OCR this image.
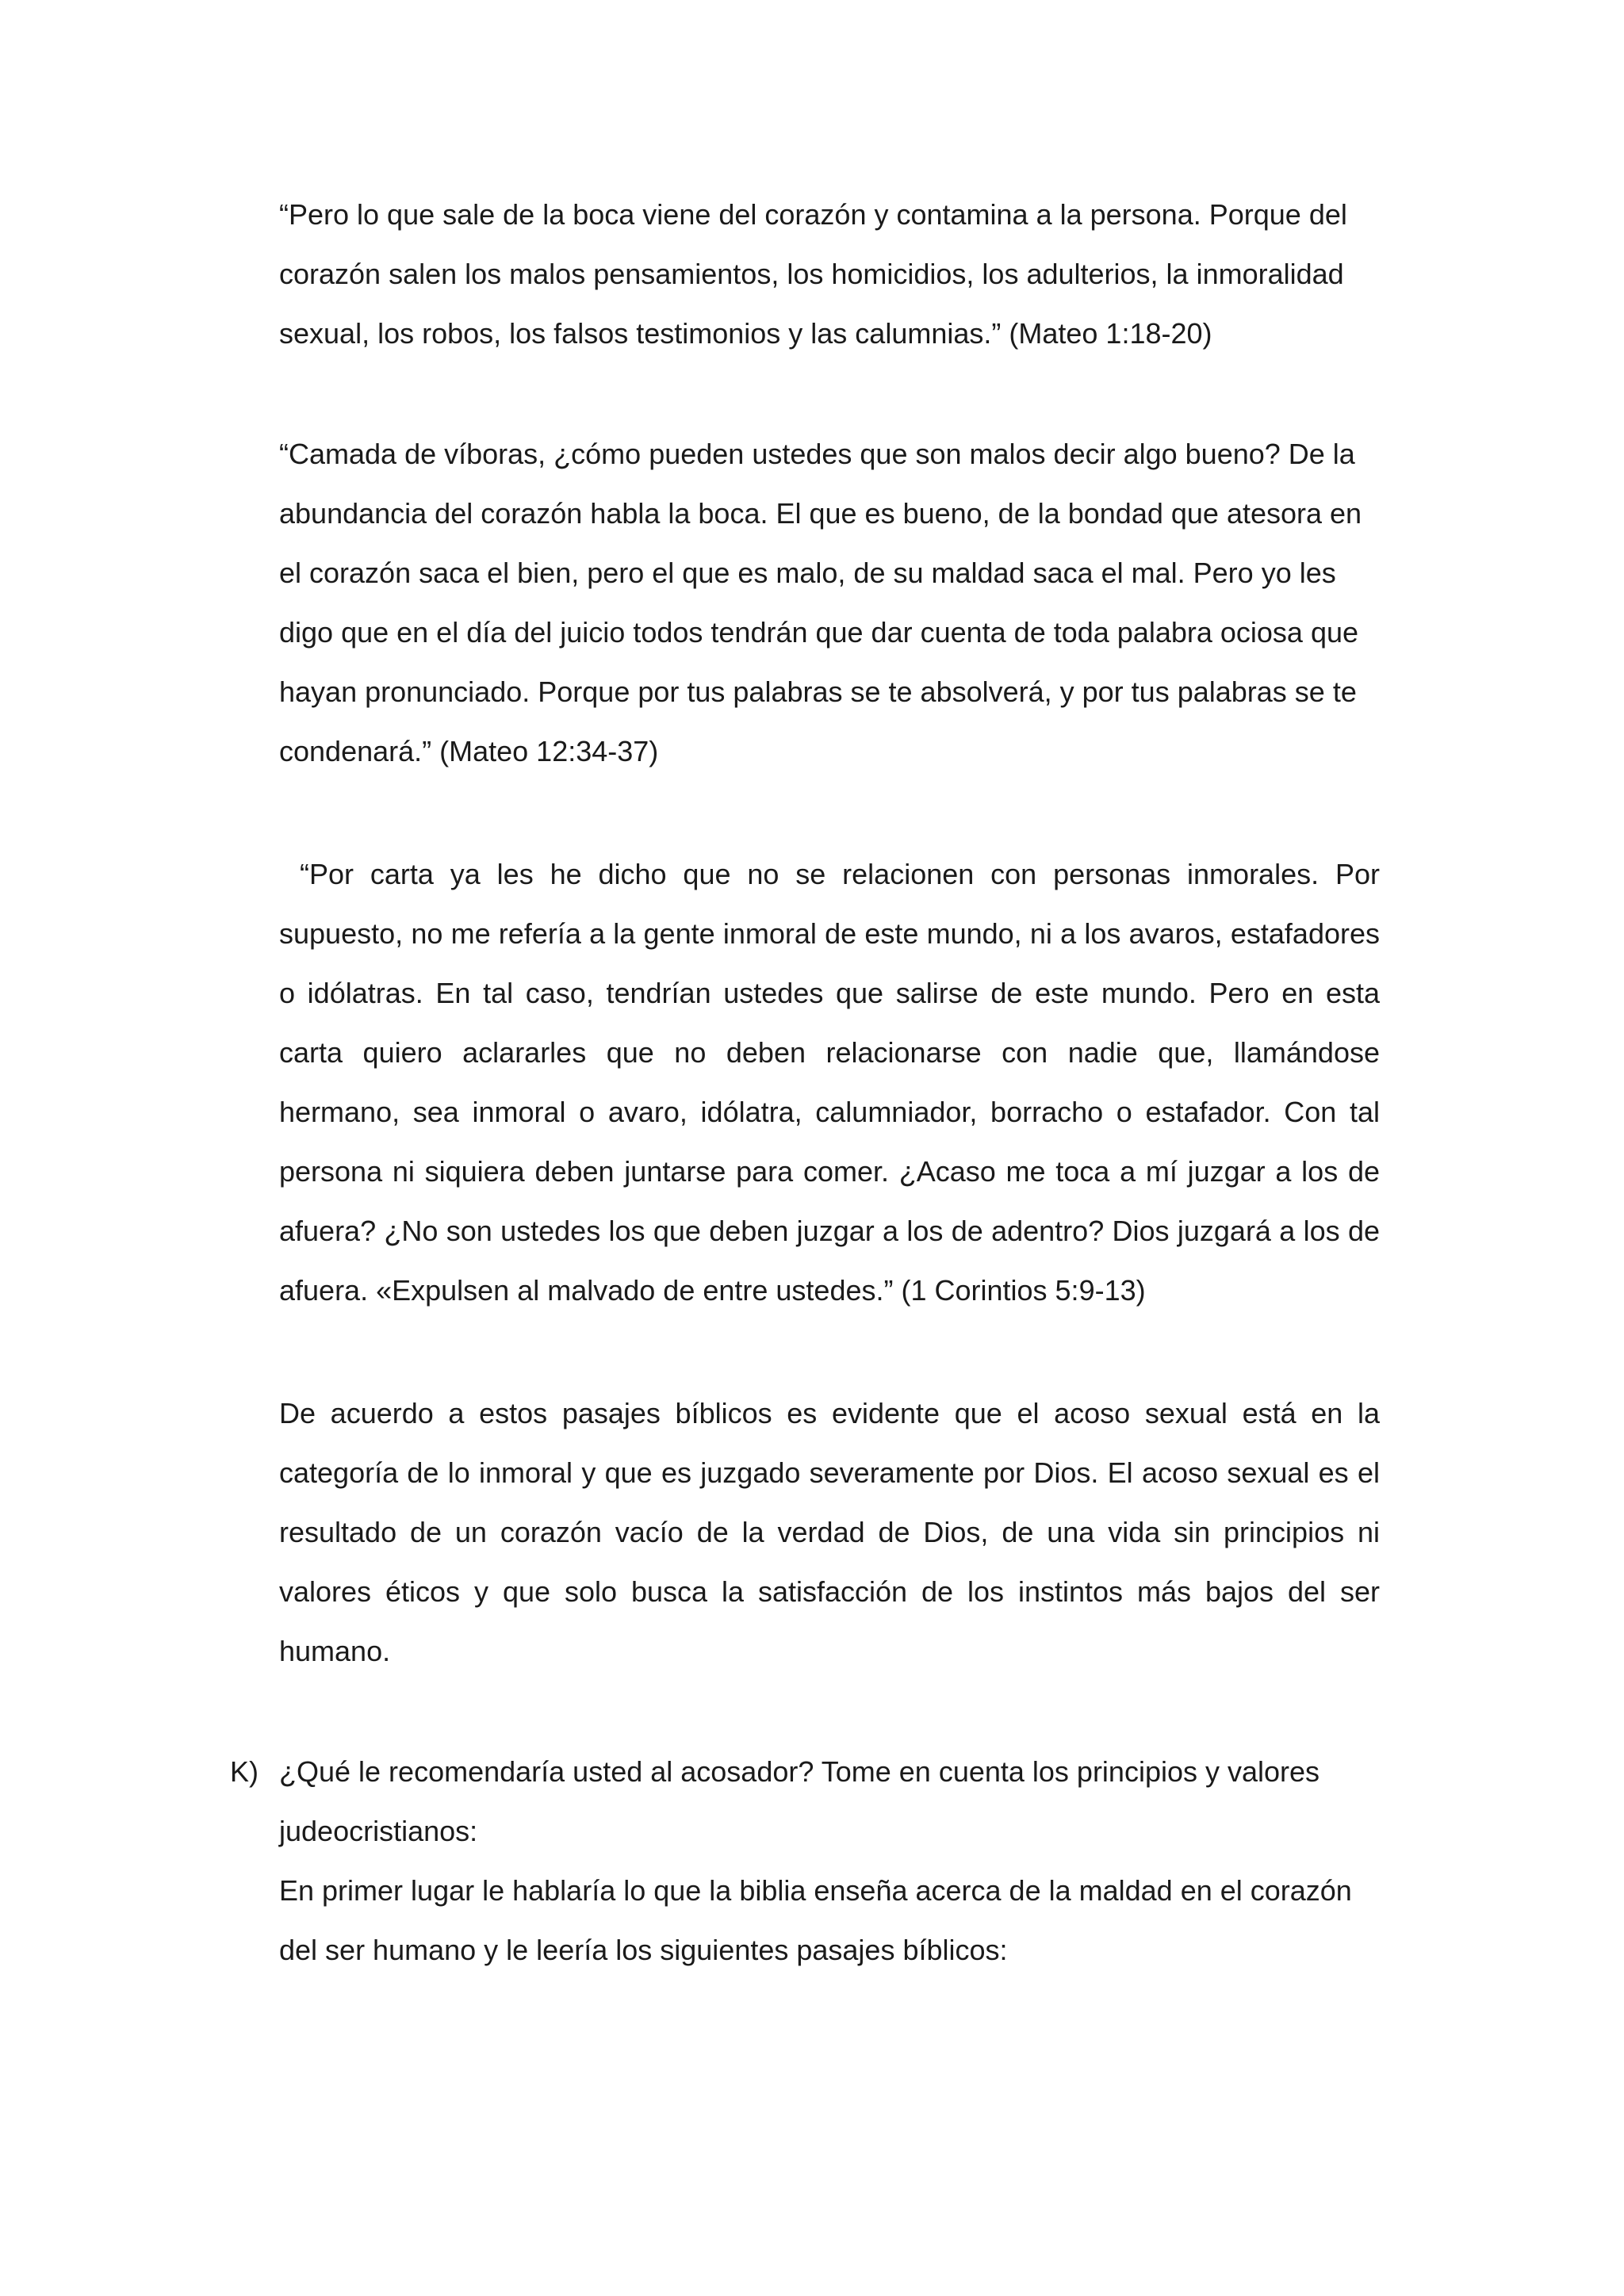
“Pero lo que sale de la boca viene del corazón y contamina a la persona. Porque del corazón salen los malos pensamientos, los homicidios, los adulterios, la inmoralidad sexual, los robos, los falsos testimonios y las calumnias.” (Mateo 1:18-20)

“Camada de víboras, ¿cómo pueden ustedes que son malos decir algo bueno? De la abundancia del corazón habla la boca. El que es bueno, de la bondad que atesora en el corazón saca el bien, pero el que es malo, de su maldad saca el mal. Pero yo les digo que en el día del juicio todos tendrán que dar cuenta de toda palabra ociosa que hayan pronunciado. Porque por tus palabras se te absolverá, y por tus palabras se te condenará.” (Mateo 12:34-37)

“Por carta ya les he dicho que no se relacionen con personas inmorales. Por supuesto, no me refería a la gente inmoral de este mundo, ni a los avaros, estafadores o idólatras. En tal caso, tendrían ustedes que salirse de este mundo. Pero en esta carta quiero aclararles que no deben relacionarse con nadie que, llamándose hermano, sea inmoral o avaro, idólatra, calumniador, borracho o estafador. Con tal persona ni siquiera deben juntarse para comer. ¿Acaso me toca a mí juzgar a los de afuera? ¿No son ustedes los que deben juzgar a los de adentro? Dios juzgará a los de afuera. «Expulsen al malvado de entre ustedes.” (1 Corintios 5:9-13)

De acuerdo a estos pasajes bíblicos es evidente que el acoso sexual está en la categoría de lo inmoral y que es juzgado severamente por Dios. El acoso sexual es el resultado de un corazón vacío de la verdad de Dios, de una vida sin principios ni valores éticos y que solo busca la satisfacción de los instintos más bajos del ser humano.

K) ¿Qué le recomendaría usted al acosador? Tome en cuenta los principios y valores judeocristianos:

En primer lugar le hablaría lo que la biblia enseña acerca de la maldad en el corazón del ser humano y le leería los siguientes pasajes bíblicos:
